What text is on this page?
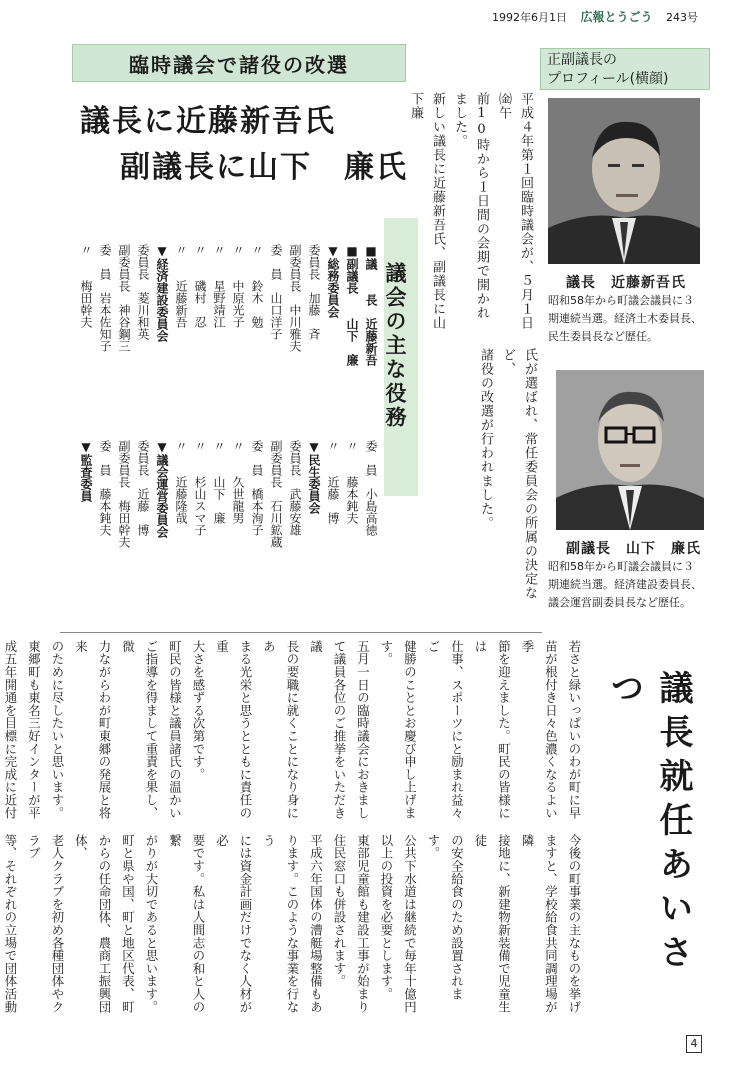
1992年6月1日 広報とうごう 243号
臨時議会で諸役の改選
議長に近藤新吾氏
副議長に山下　廉氏	平成４年第１回臨時議会が、５月１日㈮午
前10時から１日間の会期で開かれました。
新しい議長に近藤新吾氏、副議長に山下廉
氏が選ばれ、常任委員会の所属の決定など、
諸役の改選が行われました。
正副議長の
プロフィール(横顔)
議長　近藤新吾氏
昭和58年から町議会議員に３
期連続当選。経済土木委員長、
民生委員長など歴任。
副議長　山下　廉氏
昭和58年から町議会議員に３
期連続当選。経済建設委員長、
議会運営副委員長など歴任。
議会の主な役務
■議　　長　近藤新吾
■副議長　　山下　廉
▼総務委員会
委員長　加藤　斉
副委員長　中川雅夫
委　員　山口洋子
〃　　鈴木　勉
〃　　中原光子
〃　　星野靖江
〃　　磯村　忍
〃　　近藤新吾
▼経済建設委員会
委員長　菱川和英
副委員長　神谷鋼三
委　員　岩本佐知子
〃　　梅田幹夫
委　員　小島高徳
〃　　藤本鈍夫
〃　　近藤　博
▼民生委員会
委員長　武藤安雄
副委員長　石川鉱蔵
委　員　橋本洵子
〃　　久世龍男
〃　　山下　廉
〃　　杉山スマ子
〃　　近藤隆哉
▼議会運営委員会
委員長　近藤　博
副委員長　梅田幹夫
委　員　藤本鈍夫
▼監査委員
議長就任あいさつ
若さと緑いっぱいのわが町に早
苗が根付き日々色濃くなるよい季
節を迎えました。町民の皆様には
仕事、スポーツにと励まれ益々ご
健勝のこととお慶び申し上げます。
五月一日の臨時議会におきまし
て議員各位のご推挙をいただき議
長の要職に就くことになり身にあ
まる光栄と思うとともに責任の重
大さを感ずる次第です。
町民の皆様と議員諸氏の温かい
ご指導を得まして重責を果し、微
力ながらわが町東郷の発展と将来
のために尽したいと思います。
東郷町も東名三好インターが平
成五年開通を目標に完成に近付

今後の町事業の主なものを挙げ
ますと、学校給食共同調理場が隣
接地に、新建物新装備で児童生徒
の安全給食のため設置されます。
公共下水道は継続で毎年十億円
以上の投資を必要とします。
東部児童館も建設工事が始まり
住民窓口も併設されます。
平成六年国体の漕艇場整備もあ
ります。このような事業を行なう
には資金計画だけでなく人材が必
要です。私は人間志の和と人の繋
がりが大切であると思います。
町と県や国、町と地区代表、町
からの任命団体、農商工振興団体、
老人クラブを初め各種団体やクラブ
等、それぞれの立場で団体活動

4
